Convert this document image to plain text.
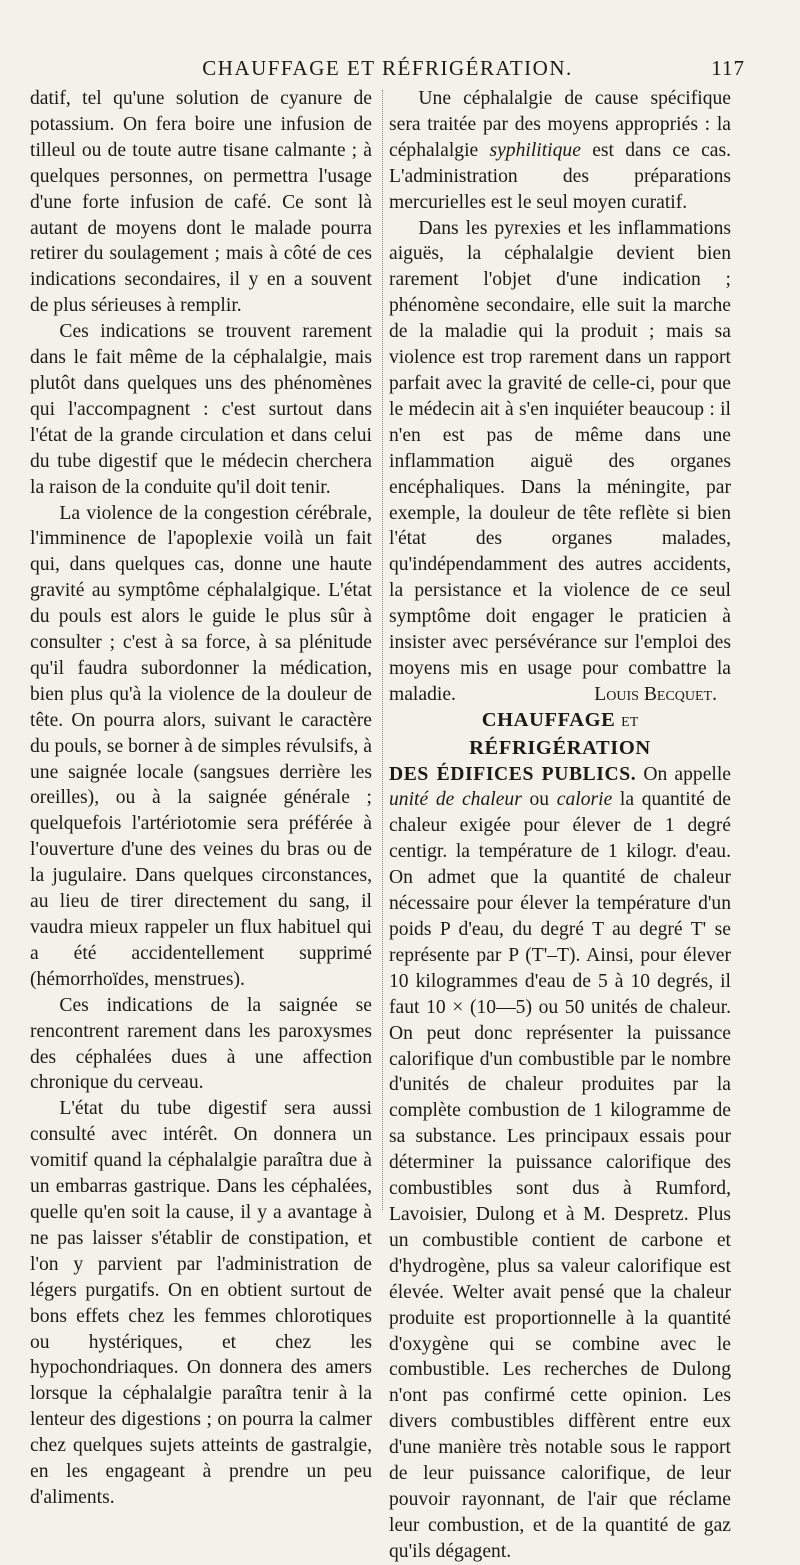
CHAUFFAGE ET RÉFRIGÉRATION.	117

datif, tel qu'une solution de cyanure de potassium. On fera boire une infusion de tilleul ou de toute autre tisane calmante ; à quelques personnes, on permettra l'usage d'une forte infusion de café. Ce sont là autant de moyens dont le malade pourra retirer du soulagement ; mais à côté de ces indications secondaires, il y en a souvent de plus sérieuses à remplir.

Ces indications se trouvent rarement dans le fait même de la céphalalgie, mais plutôt dans quelques uns des phénomènes qui l'accompagnent : c'est surtout dans l'état de la grande circulation et dans celui du tube digestif que le médecin cherchera la raison de la conduite qu'il doit tenir.

La violence de la congestion cérébrale, l'imminence de l'apoplexie voilà un fait qui, dans quelques cas, donne une haute gravité au symptôme céphalalgique. L'état du pouls est alors le guide le plus sûr à consulter ; c'est à sa force, à sa plénitude qu'il faudra subordonner la médication, bien plus qu'à la violence de la douleur de tête. On pourra alors, suivant le caractère du pouls, se borner à de simples révulsifs, à une saignée locale (sangsues derrière les oreilles), ou à la saignée générale ; quelquefois l'artériotomie sera préférée à l'ouverture d'une des veines du bras ou de la jugulaire. Dans quelques circonstances, au lieu de tirer directement du sang, il vaudra mieux rappeler un flux habituel qui a été accidentellement supprimé (hémorrhoïdes, menstrues).

Ces indications de la saignée se rencontrent rarement dans les paroxysmes des céphalées dues à une affection chronique du cerveau.

L'état du tube digestif sera aussi consulté avec intérêt. On donnera un vomitif quand la céphalalgie paraîtra due à un embarras gastrique. Dans les céphalées, quelle qu'en soit la cause, il y a avantage à ne pas laisser s'établir de constipation, et l'on y parvient par l'administration de légers purgatifs. On en obtient surtout de bons effets chez les femmes chlorotiques ou hystériques, et chez les hypochondriaques. On donnera des amers lorsque la céphalalgie paraîtra tenir à la lenteur des digestions ; on pourra la calmer chez quelques sujets atteints de gastralgie, en les engageant à prendre un peu d'aliments.

Une céphalalgie de cause spécifique sera traitée par des moyens appropriés : la céphalalgie syphilitique est dans ce cas. L'administration des préparations mercurielles est le seul moyen curatif.

Dans les pyrexies et les inflammations aiguës, la céphalalgie devient bien rarement l'objet d'une indication ; phénomène secondaire, elle suit la marche de la maladie qui la produit ; mais sa violence est trop rarement dans un rapport parfait avec la gravité de celle-ci, pour que le médecin ait à s'en inquiéter beaucoup : il n'en est pas de même dans une inflammation aiguë des organes encéphaliques. Dans la méningite, par exemple, la douleur de tête reflète si bien l'état des organes malades, qu'indépendamment des autres accidents, la persistance et la violence de ce seul symptôme doit engager le praticien à insister avec persévérance sur l'emploi des moyens mis en usage pour combattre la maladie.	Louis Becquet.

CHAUFFAGE ET RÉFRIGÉRATION

DES ÉDIFICES PUBLICS. On appelle unité de chaleur ou calorie la quantité de chaleur exigée pour élever de 1 degré centigr. la température de 1 kilogr. d'eau. On admet que la quantité de chaleur nécessaire pour élever la température d'un poids P d'eau, du degré T au degré T' se représente par P (T'–T). Ainsi, pour élever 10 kilogrammes d'eau de 5 à 10 degrés, il faut 10 × (10—5) ou 50 unités de chaleur. On peut donc représenter la puissance calorifique d'un combustible par le nombre d'unités de chaleur produites par la complète combustion de 1 kilogramme de sa substance. Les principaux essais pour déterminer la puissance calorifique des combustibles sont dus à Rumford, Lavoisier, Dulong et à M. Despretz. Plus un combustible contient de carbone et d'hydrogène, plus sa valeur calorifique est élevée. Welter avait pensé que la chaleur produite est proportionnelle à la quantité d'oxygène qui se combine avec le combustible. Les recherches de Dulong n'ont pas confirmé cette opinion. Les divers combustibles diffèrent entre eux d'une manière très notable sous le rapport de leur puissance calorifique, de leur pouvoir rayonnant, de l'air que réclame leur combustion, et de la quantité de gaz qu'ils dégagent.
